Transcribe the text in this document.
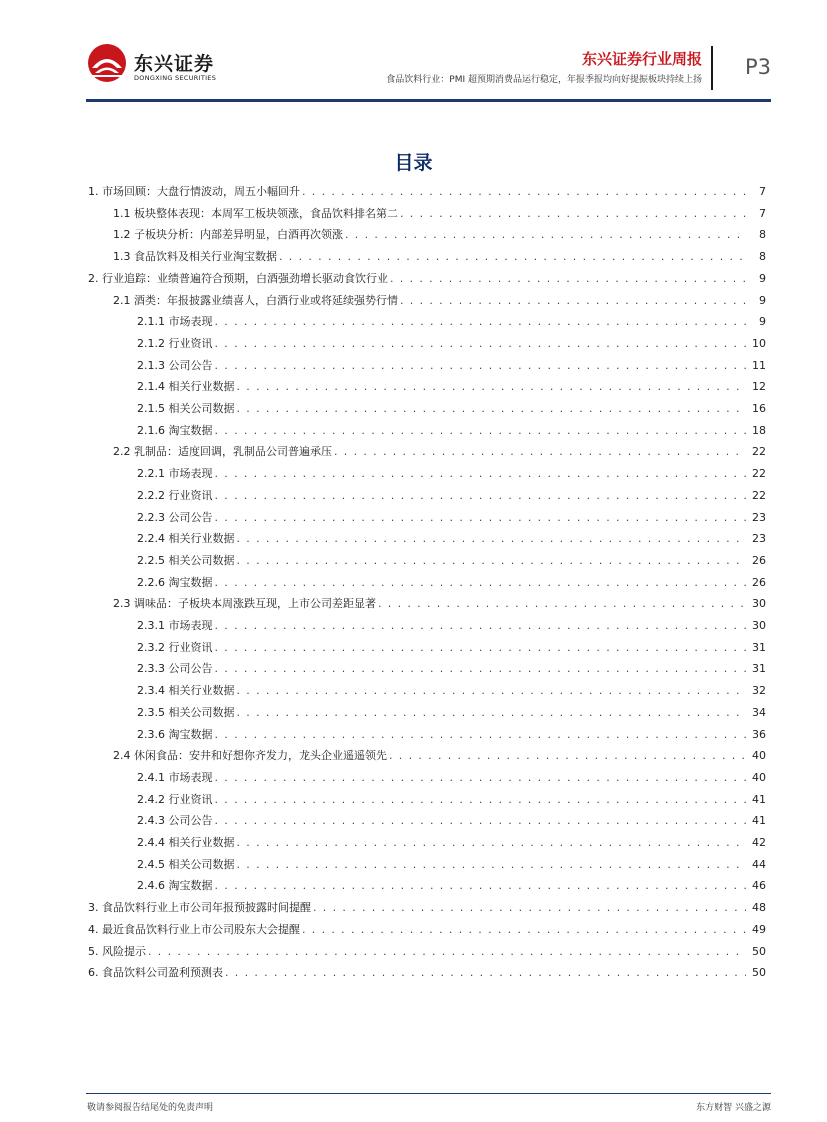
东兴证券
DONGXING SECURITIES
东兴证券行业周报
食品饮料行业：PMI 超预期消费品运行稳定，年报季报均向好提振板块持续上扬
P3
目录
1. 市场回顾：大盘行情波动，周五小幅回升 . . .	7
1.1 板块整体表现：本周军工板块领涨，食品饮料排名第二 . . .	7
1.2 子板块分析：内部差异明显，白酒再次领涨 . . .	8
1.3 食品饮料及相关行业淘宝数据 . . .	8
2. 行业追踪：业绩普遍符合预期，白酒强劲增长驱动食饮行业 . . .	9
2.1 酒类：年报披露业绩喜人，白酒行业或将延续强势行情 . . .	9
2.1.1 市场表现 . . .	9
2.1.2 行业资讯 . . .	10
2.1.3 公司公告 . . .	11
2.1.4 相关行业数据 . . .	12
2.1.5 相关公司数据 . . .	16
2.1.6 淘宝数据 . . .	18
2.2 乳制品：适度回调，乳制品公司普遍承压 . . .	22
2.2.1 市场表现 . . .	22
2.2.2 行业资讯 . . .	22
2.2.3 公司公告 . . .	23
2.2.4 相关行业数据 . . .	23
2.2.5 相关公司数据 . . .	26
2.2.6 淘宝数据 . . .	26
2.3 调味品：子板块本周涨跌互现，上市公司差距显著 . . .	30
2.3.1 市场表现 . . .	30
2.3.2 行业资讯 . . .	31
2.3.3 公司公告 . . .	31
2.3.4 相关行业数据 . . .	32
2.3.5 相关公司数据 . . .	34
2.3.6 淘宝数据 . . .	36
2.4 休闲食品：安井和好想你齐发力，龙头企业遥遥领先 . . .	40
2.4.1 市场表现 . . .	40
2.4.2 行业资讯 . . .	41
2.4.3 公司公告 . . .	41
2.4.4 相关行业数据 . . .	42
2.4.5 相关公司数据 . . .	44
2.4.6 淘宝数据 . . .	46
3. 食品饮料行业上市公司年报预披露时间提醒 . . .	48
4. 最近食品饮料行业上市公司股东大会提醒 . . .	49
5. 风险提示 . . .	50
6. 食品饮料公司盈利预测表 . . .	50
敬请参阅报告结尾处的免责声明	东方财智 兴盛之源
